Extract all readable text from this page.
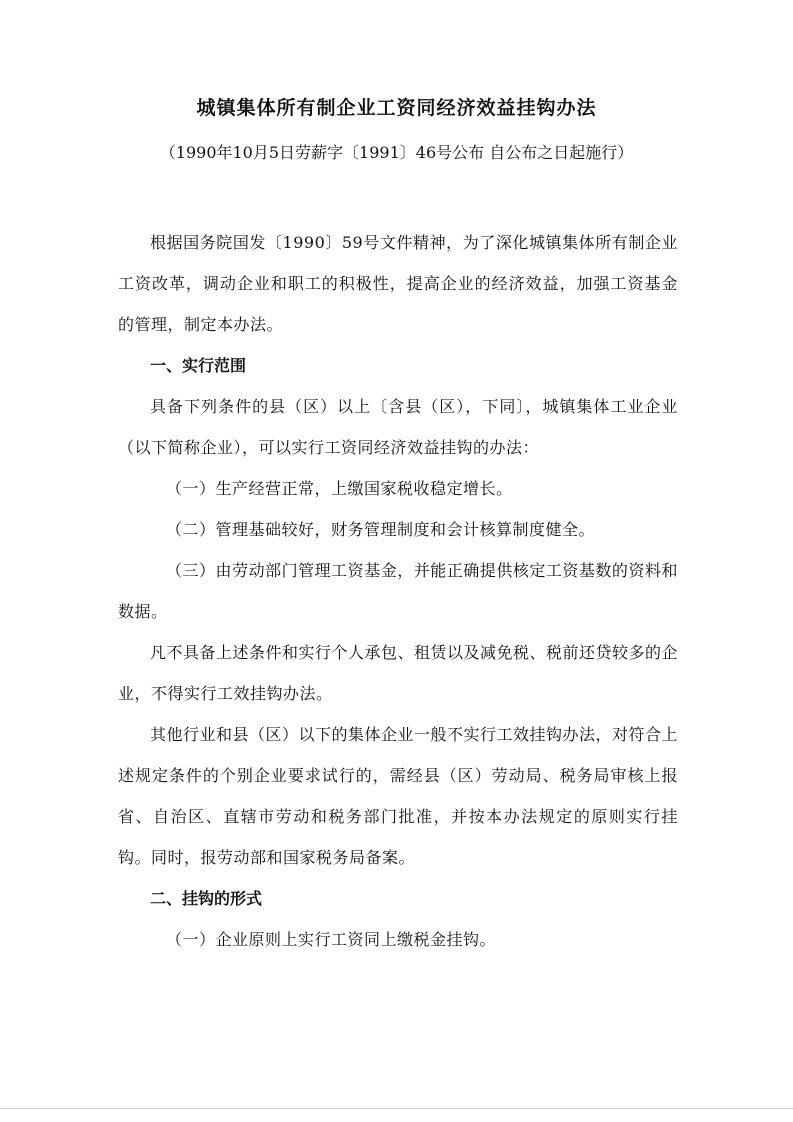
城镇集体所有制企业工资同经济效益挂钩办法
（1990年10月5日劳薪字〔1991〕46号公布 自公布之日起施行）

根据国务院国发〔1990〕59号文件精神，为了深化城镇集体所有制企业工资改革，调动企业和职工的积极性，提高企业的经济效益，加强工资基金的管理，制定本办法。

一、实行范围

具备下列条件的县（区）以上〔含县（区），下同〕，城镇集体工业企业（以下简称企业），可以实行工资同经济效益挂钩的办法：

（一）生产经营正常，上缴国家税收稳定增长。

（二）管理基础较好，财务管理制度和会计核算制度健全。

（三）由劳动部门管理工资基金，并能正确提供核定工资基数的资料和数据。

凡不具备上述条件和实行个人承包、租赁以及减免税、税前还贷较多的企业，不得实行工效挂钩办法。

其他行业和县（区）以下的集体企业一般不实行工效挂钩办法，对符合上述规定条件的个别企业要求试行的，需经县（区）劳动局、税务局审核上报省、自治区、直辖市劳动和税务部门批准，并按本办法规定的原则实行挂钩。同时，报劳动部和国家税务局备案。

二、挂钩的形式

（一）企业原则上实行工资同上缴税金挂钩。
